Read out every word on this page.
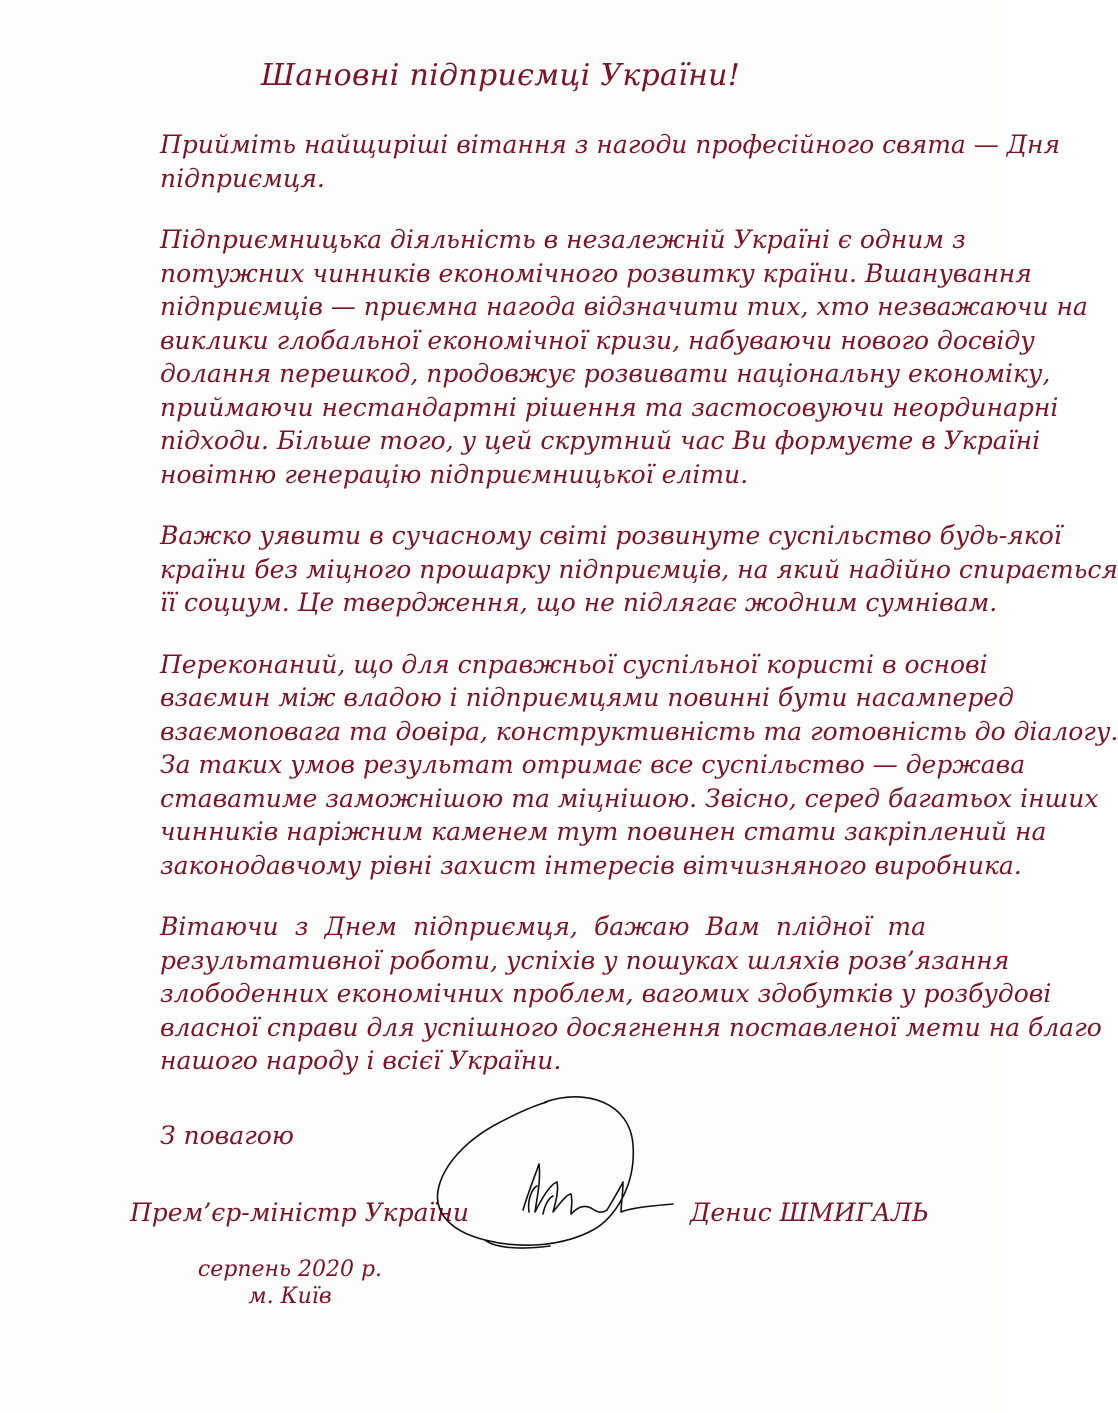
Шановні підприємці України!
Прийміть найщиріші вітання з нагоди професійного свята — Дня
підприємця.
Підприємницька діяльність в незалежній Україні є одним з
потужних чинників економічного розвитку країни. Вшанування
підприємців — приємна нагода відзначити тих, хто незважаючи на
виклики глобальної економічної кризи, набуваючи нового досвіду
долання перешкод, продовжує розвивати національну економіку,
приймаючи нестандартні рішення та застосовуючи неординарні
підходи. Більше того, у цей скрутний час Ви формуєте в Україні
новітню генерацію підприємницької еліти.
Важко уявити в сучасному світі розвинуте суспільство будь-якої
країни без міцного прошарку підприємців, на який надійно спирається
її социум. Це твердження, що не підлягає жодним сумнівам.
Переконаний, що для справжньої суспільної користі в основі
взаємин між владою і підприємцями повинні бути насамперед
взаємоповага та довіра, конструктивність та готовність до діалогу.
За таких умов результат отримає все суспільство — держава
ставатиме заможнішою та міцнішою. Звісно, серед багатьох інших
чинників наріжним каменем тут повинен стати закріплений на
законодавчому рівні захист інтересів вітчизняного виробника.
Вітаючи з Днем підприємця, бажаю Вам плідної та
результативної роботи, успіхів у пошуках шляхів розв’язання
злободенних економічних проблем, вагомих здобутків у розбудові
власної справи для успішного досягнення поставленої мети на благо
нашого народу і всієї України.
З повагою
Прем’єр-міністр України	Денис ШМИГАЛЬ
серпень 2020 р.
м. Київ
